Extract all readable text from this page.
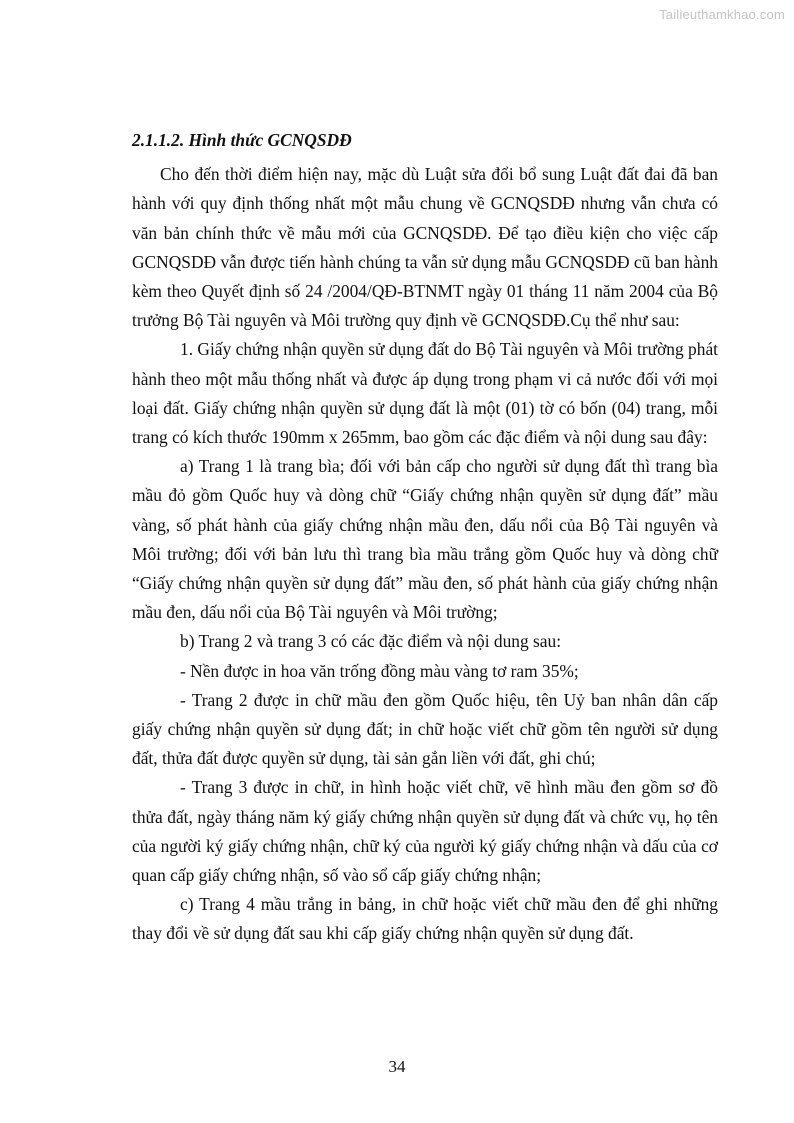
Tailieuthamkhao.com
2.1.1.2. Hình thức GCNQSDĐ

Cho đến thời điểm hiện nay, mặc dù Luật sửa đổi bổ sung Luật đất đai đã ban hành với quy định thống nhất một mẫu chung về GCNQSDĐ nhưng vẫn chưa có văn bản chính thức về mẫu mới của GCNQSDĐ. Để tạo điều kiện cho việc cấp GCNQSDĐ vẫn được tiến hành chúng ta vẫn sử dụng mẫu GCNQSDĐ cũ ban hành kèm theo Quyết định số 24 /2004/QĐ-BTNMT ngày 01 tháng 11 năm 2004 của Bộ trưởng Bộ Tài nguyên và Môi trường quy định về GCNQSDĐ.Cụ thể như sau:

1. Giấy chứng nhận quyền sử dụng đất do Bộ Tài nguyên và Môi trường phát hành theo một mẫu thống nhất và được áp dụng trong phạm vi cả nước đối với mọi loại đất. Giấy chứng nhận quyền sử dụng đất là một (01) tờ có bốn (04) trang, mỗi trang có kích thước 190mm x 265mm, bao gồm các đặc điểm và nội dung sau đây:

a) Trang 1 là trang bìa; đối với bản cấp cho người sử dụng đất thì trang bìa mầu đỏ gồm Quốc huy và dòng chữ “Giấy chứng nhận quyền sử dụng đất” mầu vàng, số phát hành của giấy chứng nhận mầu đen, dấu nổi của Bộ Tài nguyên và Môi trường; đối với bản lưu thì trang bìa mầu trắng gồm Quốc huy và dòng chữ “Giấy chứng nhận quyền sử dụng đất” mầu đen, số phát hành của giấy chứng nhận mầu đen, dấu nổi của Bộ Tài nguyên và Môi trường;

b) Trang 2 và trang 3 có các đặc điểm và nội dung sau:

- Nền được in hoa văn trống đồng màu vàng tơ ram 35%;

- Trang 2 được in chữ mầu đen gồm Quốc hiệu, tên Uỷ ban nhân dân cấp giấy chứng nhận quyền sử dụng đất; in chữ hoặc viết chữ gồm tên người sử dụng đất, thửa đất được quyền sử dụng, tài sản gắn liền với đất, ghi chú;

- Trang 3 được in chữ, in hình hoặc viết chữ, vẽ hình mầu đen gồm sơ đồ thửa đất, ngày tháng năm ký giấy chứng nhận quyền sử dụng đất và chức vụ, họ tên của người ký giấy chứng nhận, chữ ký của người ký giấy chứng nhận và dấu của cơ quan cấp giấy chứng nhận, số vào sổ cấp giấy chứng nhận;

c) Trang 4 mầu trắng in bảng, in chữ hoặc viết chữ mầu đen để ghi những thay đổi về sử dụng đất sau khi cấp giấy chứng nhận quyền sử dụng đất.

34
